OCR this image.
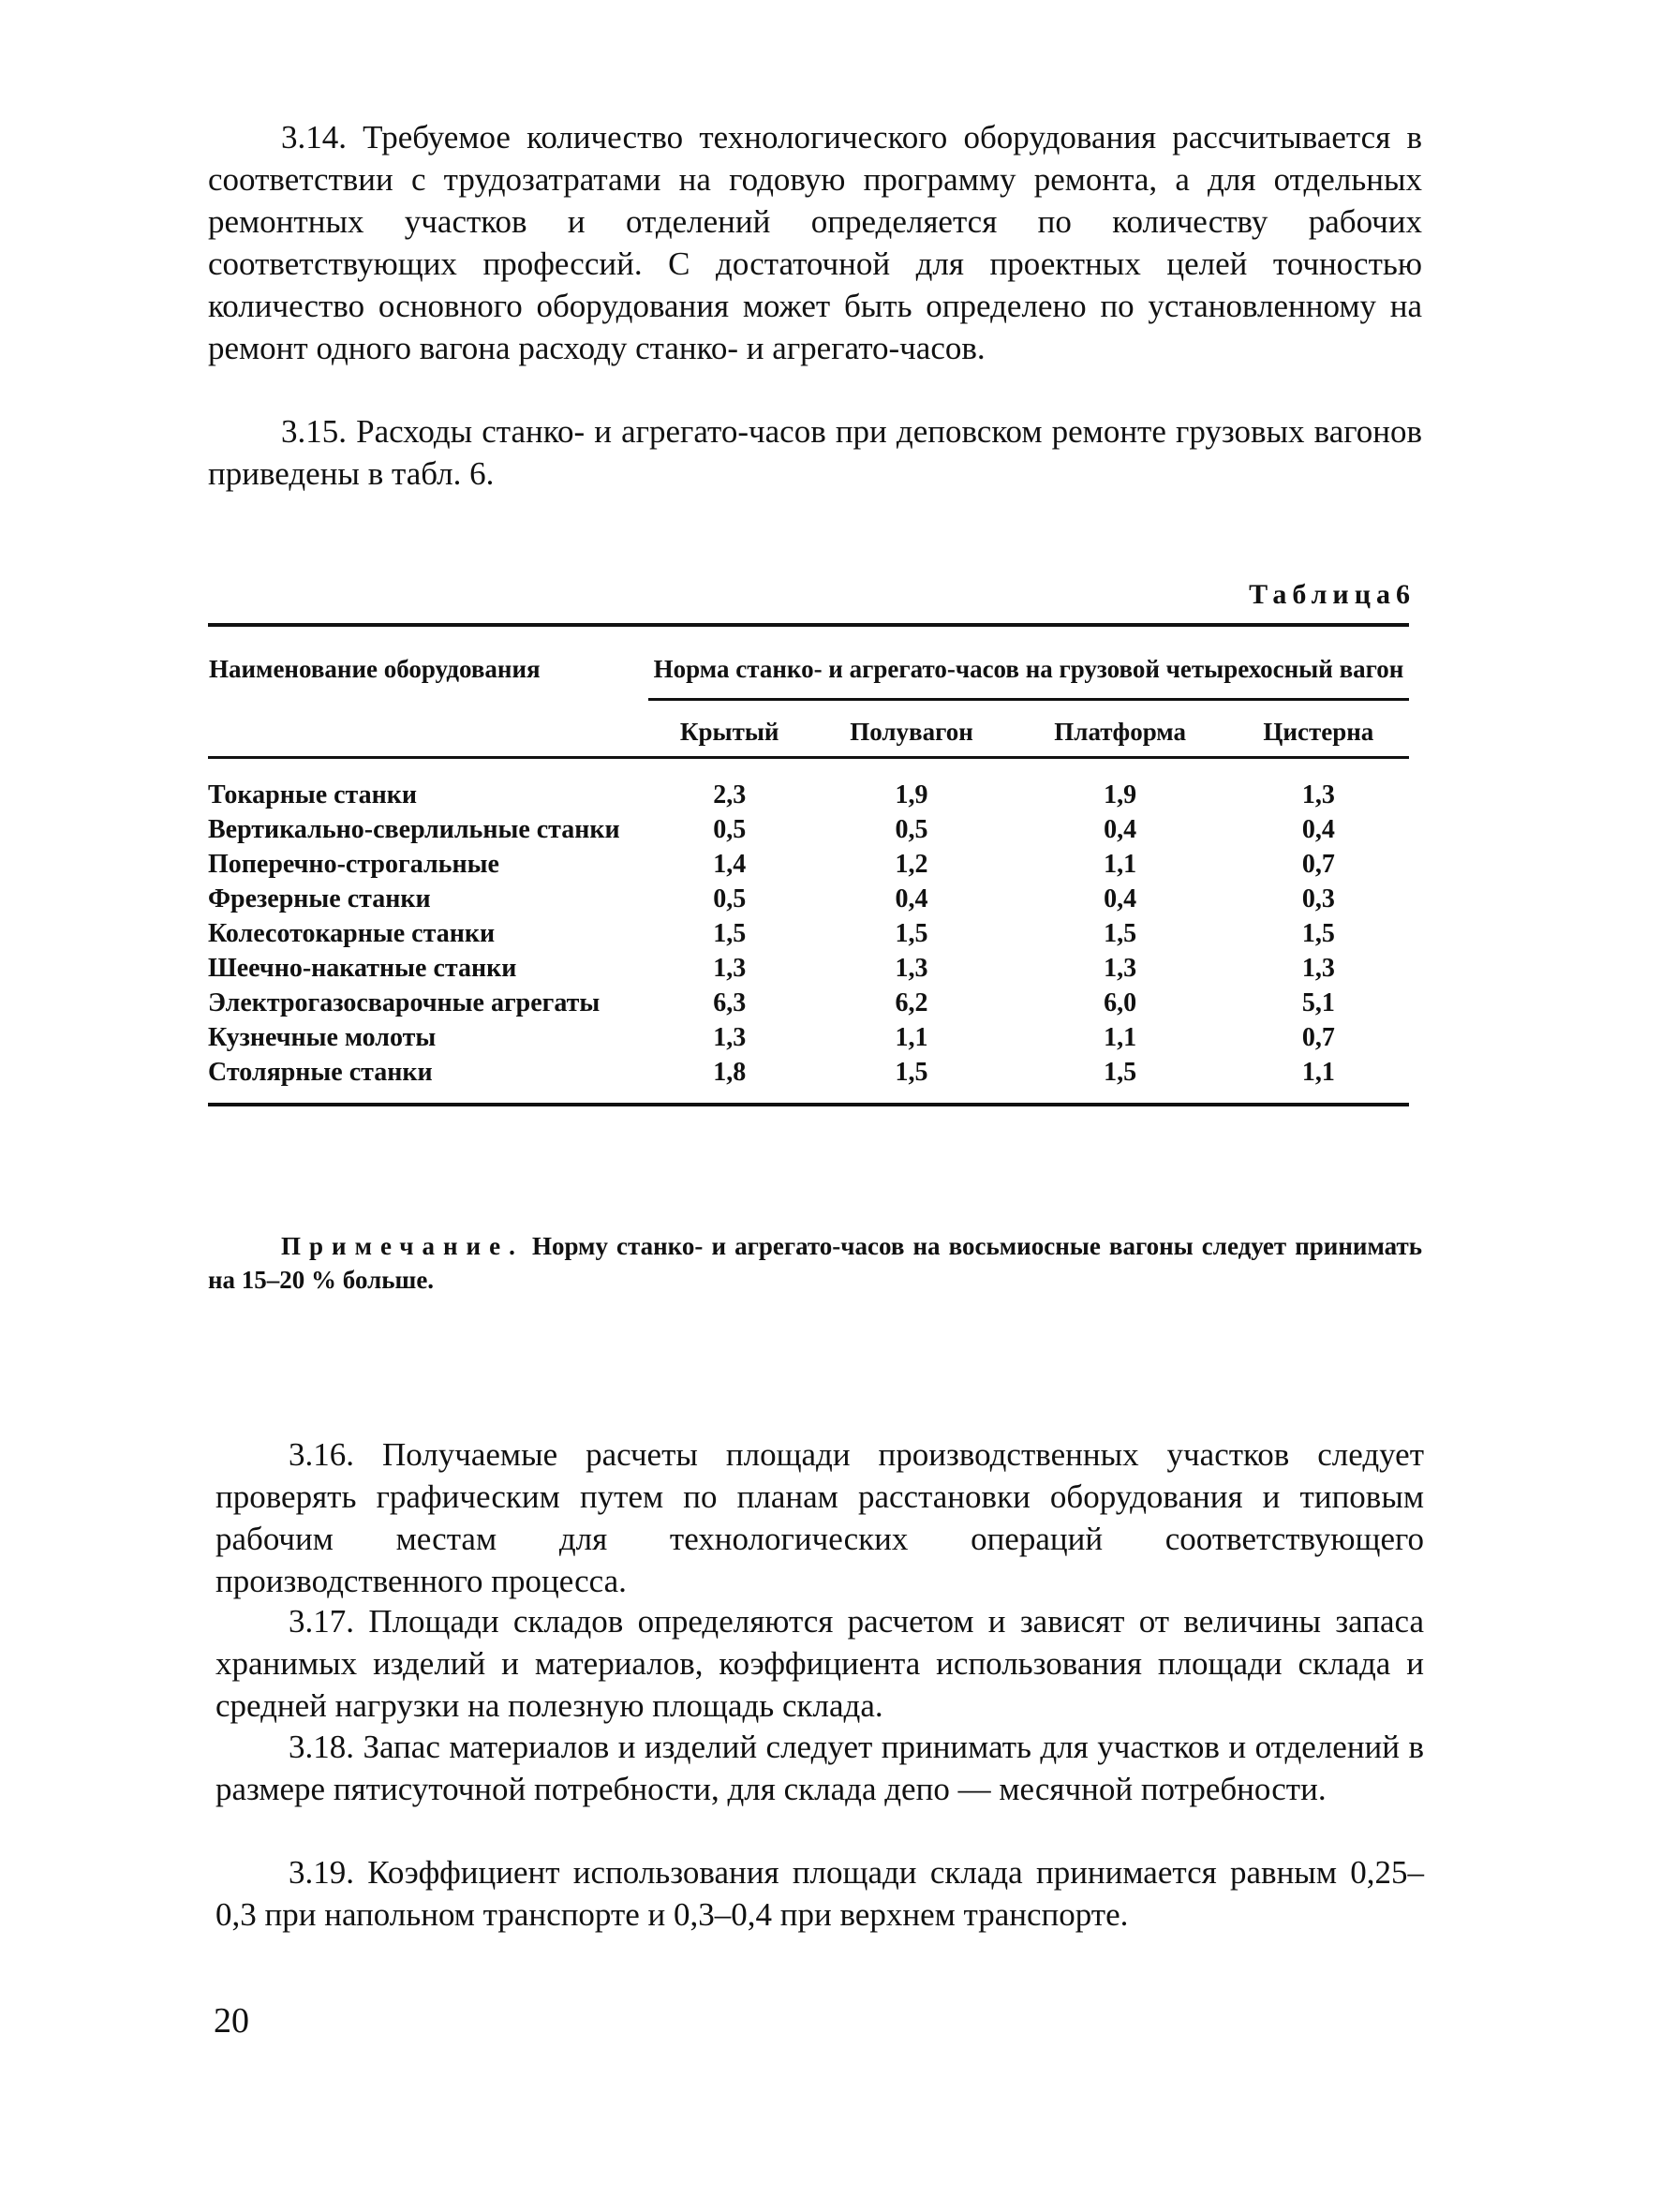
3.14. Требуемое количество технологического оборудования рассчитывается в соответствии с трудозатратами на годовую программу ремонта, а для отдельных ремонтных участков и отделений определяется по количеству рабочих соответствующих профессий. С достаточной для проектных целей точностью количество основного оборудования может быть определено по установленному на ремонт одного вагона расходу станко- и агрегато-часов.

3.15. Расходы станко- и агрегато-часов при деповском ремонте грузовых вагонов приведены в табл. 6.

Таблица6

Наименование оборудования	Норма станко- и агрегато-часов на грузовой четырехосный вагон			
	Крытый	Полувагон	Платформа	Цистерна
Токарные станки	2,3	1,9	1,9	1,3
Вертикально-сверлильные станки	0,5	0,5	0,4	0,4
Поперечно-строгальные	1,4	1,2	1,1	0,7
Фрезерные станки	0,5	0,4	0,4	0,3
Колесотокарные станки	1,5	1,5	1,5	1,5
Шеечно-накатные станки	1,3	1,3	1,3	1,3
Электрогазосварочные агрегаты	6,3	6,2	6,0	5,1
Кузнечные молоты	1,3	1,1	1,1	0,7
Столярные станки	1,8	1,5	1,5	1,1

Примечание. Норму станко- и агрегато-часов на восьмиосные вагоны следует принимать на 15–20 % больше.

3.16. Получаемые расчеты площади производственных участков следует проверять графическим путем по планам расстановки оборудования и типовым рабочим местам для технологических операций соответствующего производственного процесса.

3.17. Площади складов определяются расчетом и зависят от величины запаса хранимых изделий и материалов, коэффициента использования площади склада и средней нагрузки на полезную площадь склада.

3.18. Запас материалов и изделий следует принимать для участков и отделений в размере пятисуточной потребности, для склада депо — месячной потребности.

3.19. Коэффициент использования площади склада принимается равным 0,25–0,3 при напольном транспорте и 0,3–0,4 при верхнем транспорте.

20
